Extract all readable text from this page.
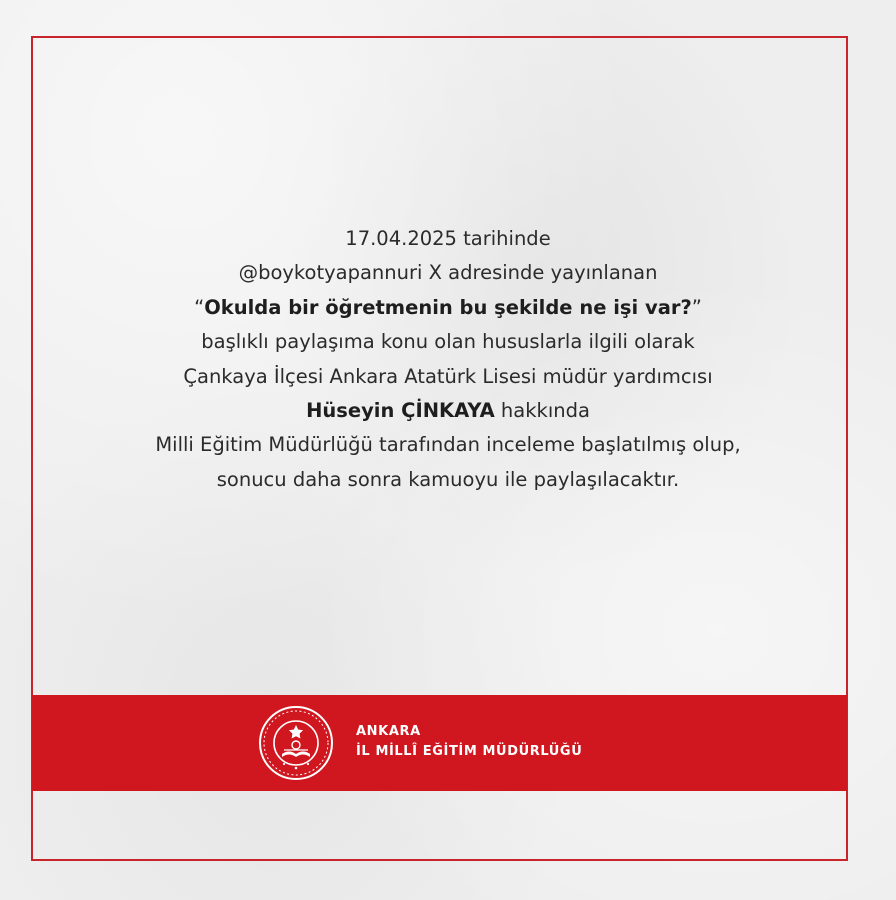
17.04.2025 tarihinde
@boykotyapannuri X adresinde yayınlanan
“Okulda bir öğretmenin bu şekilde ne işi var?”
başlıklı paylaşıma konu olan hususlarla ilgili olarak
Çankaya İlçesi Ankara Atatürk Lisesi müdür yardımcısı
Hüseyin ÇİNKAYA hakkında
Milli Eğitim Müdürlüğü tarafından inceleme başlatılmış olup,
sonucu daha sonra kamuoyu ile paylaşılacaktır.
ANKARA
İL MİLLÎ EĞİTİM MÜDÜRLÜĞÜ
